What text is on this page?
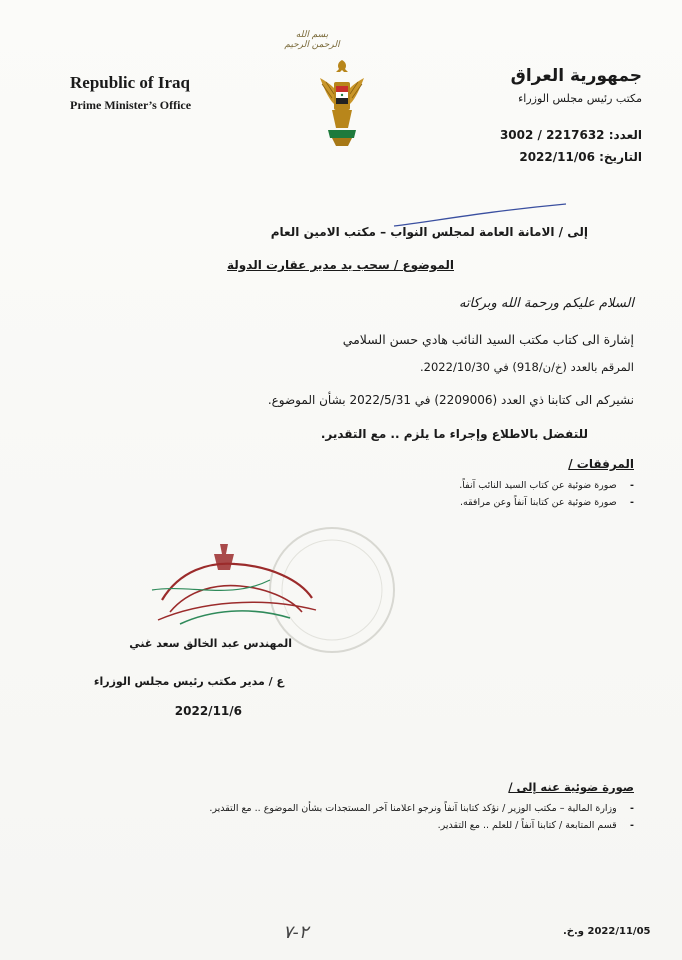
بسم الله الرحمن الرحيم
Republic of Iraq
Prime Minister’s Office
جمهورية العراق
مكتب رئيس مجلس الوزراء
العدد: 3002 / 2217632
التاريخ: 2022/11/06
إلى / الامانة العامة لمجلس النواب – مكتب الامين العام
الموضوع / سحب يد مدير عقارت الدولة
السلام عليكم ورحمة الله وبركاته
إشارة الى كتاب مكتب السيد النائب هادي حسن السلامي
المرقم بالعدد (خ/ن/918) في 2022/10/30.
نشيركم الى كتابنا ذي العدد (2209006) في 2022/5/31 بشأن الموضوع.
للتفضل بالاطلاع وإجراء ما يلزم .. مع التقدير.
المرفقات /
- صورة ضوئية عن كتاب السيد النائب آنفاً.
- صورة ضوئية عن كتابنا آنفاً وعن مرافقه.
المهندس عبد الخالق سعد غني
ع / مدير مكتب رئيس مجلس الوزراء
2022/11/6
صورة ضوئية عنه إلى /
- وزارة المالية – مكتب الوزير / نؤكد كتابنا آنفاً ونرجو اعلامنا آخر المستجدات بشأن الموضوع .. مع التقدير.
- قسم المتابعة / كتابنا آنفاً / للعلم .. مع التقدير.
٢-٧	2022/11/05 و.خ.
